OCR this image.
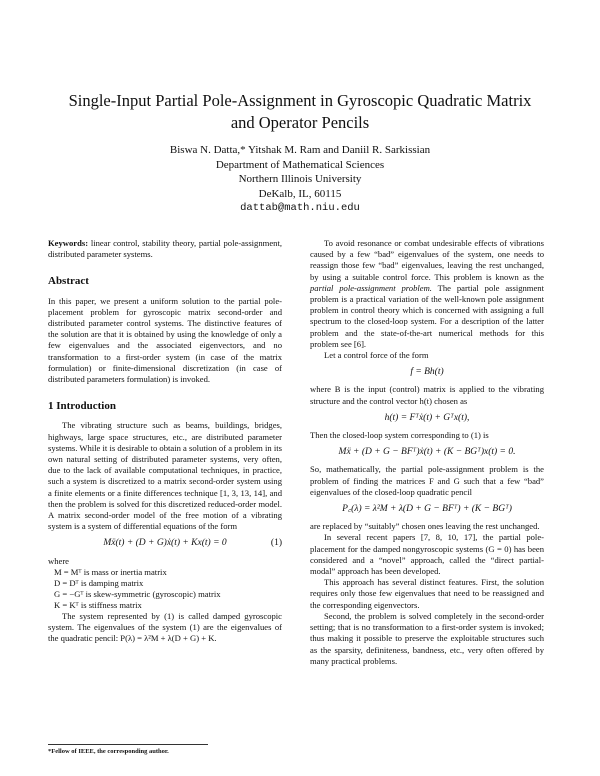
Single-Input Partial Pole-Assignment in Gyroscopic Quadratic Matrix
and Operator Pencils
Biswa N. Datta,* Yitshak M. Ram and Daniil R. Sarkissian
Department of Mathematical Sciences
Northern Illinois University
DeKalb, IL, 60115
dattab@math.niu.edu

Keywords: linear control, stability theory, partial pole-assignment, distributed parameter systems.

Abstract

In this paper, we present a uniform solution to the partial pole-placement problem for gyroscopic matrix second-order and distributed parameter control systems. The distinctive features of the solution are that it is obtained by using the knowledge of only a few eigenvalues and the associated eigenvectors, and no transformation to a first-order system (in case of the matrix formulation) or finite-dimensional discretization (in case of distributed parameters formulation) is invoked.

1 Introduction

The vibrating structure such as beams, buildings, bridges, highways, large space structures, etc., are distributed parameter systems. While it is desirable to obtain a solution of a problem in its own natural setting of distributed parameter systems, very often, due to the lack of available computational techniques, in practice, such a system is discretized to a matrix second-order system using a finite elements or a finite differences technique [1, 3, 13, 14], and then the problem is solved for this discretized reduced-order model. A matrix second-order model of the free motion of a vibrating system is a system of differential equations of the form

Mẍ(t) + (D + G)ẋ(t) + Kx(t) = 0	(1)

where

M = Mᵀ is mass or inertia matrix
D = Dᵀ is damping matrix
G = −Gᵀ is skew-symmetric (gyroscopic) matrix
K = Kᵀ is stiffness matrix

The system represented by (1) is called damped gyroscopic system. The eigenvalues of the system (1) are the eigenvalues of the quadratic pencil: P(λ) = λ²M + λ(D + G) + K.

*Fellow of IEEE, the corresponding author.

To avoid resonance or combat undesirable effects of vibrations caused by a few “bad” eigenvalues of the system, one needs to reassign those few “bad” eigenvalues, leaving the rest unchanged, by using a suitable control force. This problem is known as the partial pole-assignment problem. The partial pole assignment problem is a practical variation of the well-known pole assignment problem in control theory which is concerned with assigning a full spectrum to the closed-loop system. For a description of the latter problem and the state-of-the-art numerical methods for this problem see [6].

Let a control force of the form

f = Bh(t)

where B is the input (control) matrix is applied to the vibrating structure and the control vector h(t) chosen as

h(t) = Fᵀẋ(t) + Gᵀx(t),

Then the closed-loop system corresponding to (1) is

Mẍ + (D + G − BFᵀ)ẋ(t) + (K − BGᵀ)x(t) = 0.

So, mathematically, the partial pole-assignment problem is the problem of finding the matrices F and G such that a few “bad” eigenvalues of the closed-loop quadratic pencil

P꜀(λ) = λ²M + λ(D + G − BFᵀ) + (K − BGᵀ)

are replaced by “suitably” chosen ones leaving the rest unchanged.

In several recent papers [7, 8, 10, 17], the partial pole-placement for the damped nongyroscopic systems (G = 0) has been considered and a “novel” approach, called the “direct partial-modal” approach has been developed.

This approach has several distinct features. First, the solution requires only those few eigenvalues that need to be reassigned and the corresponding eigenvectors.

Second, the problem is solved completely in the second-order setting; that is no transformation to a first-order system is invoked; thus making it possible to preserve the exploitable structures such as the sparsity, definiteness, bandness, etc., very often offered by many practical problems.
